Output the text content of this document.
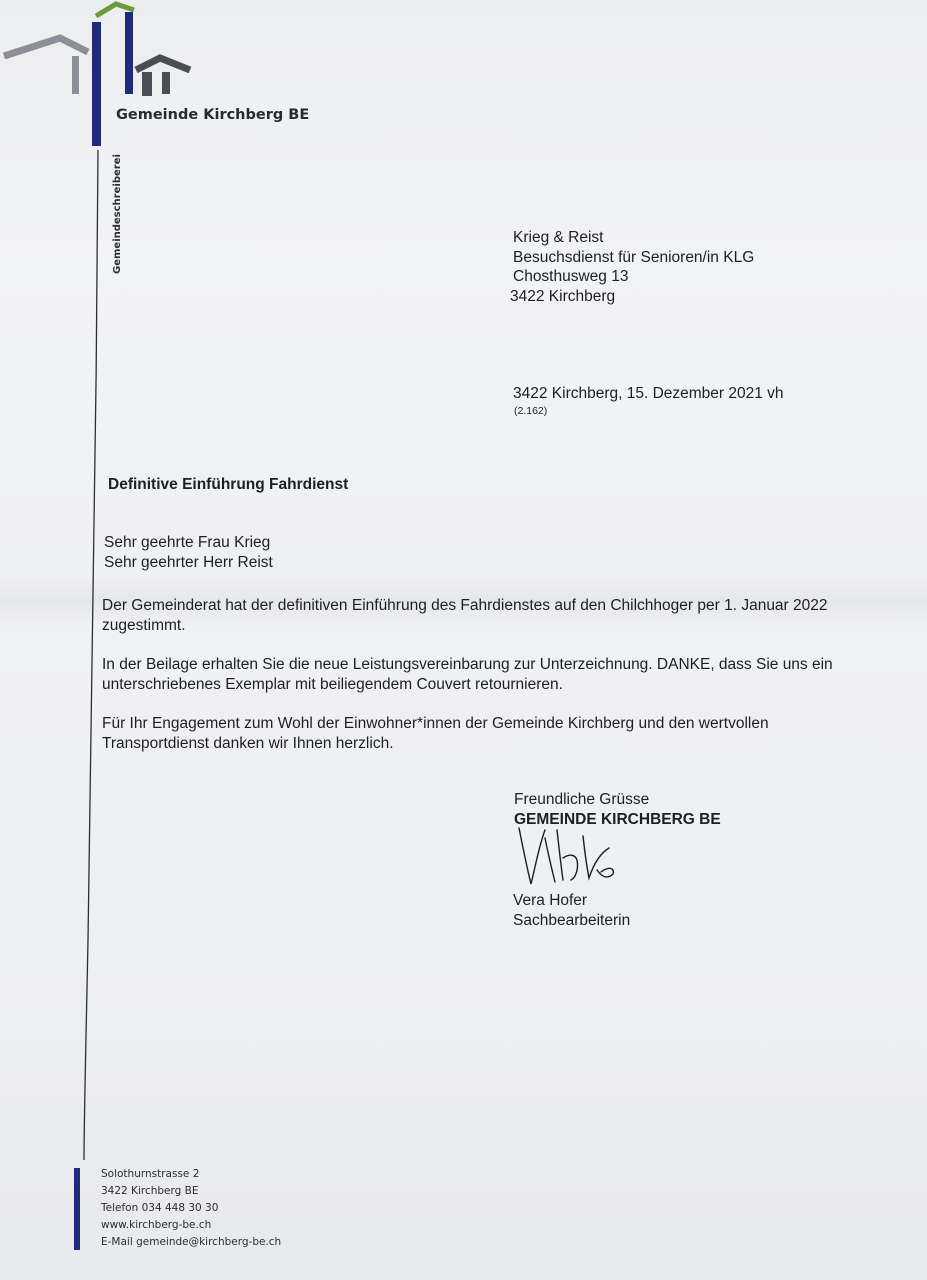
Gemeinde Kirchberg BE
Gemeindeschreiberei	Krieg & Reist
Besuchsdienst für Senioren/in KLG
Chosthusweg 13
3422 Kirchberg
3422 Kirchberg, 15. Dezember 2021 vh
(2.162)
Definitive Einführung Fahrdienst
Sehr geehrte Frau Krieg
Sehr geehrter Herr Reist
Der Gemeinderat hat der definitiven Einführung des Fahrdienstes auf den Chilchhoger per 1. Januar 2022 zugestimmt.
In der Beilage erhalten Sie die neue Leistungsvereinbarung zur Unterzeichnung. DANKE, dass Sie uns ein unterschriebenes Exemplar mit beiliegendem Couvert retournieren.
Für Ihr Engagement zum Wohl der Einwohner*innen der Gemeinde Kirchberg und den wertvollen Transportdienst danken wir Ihnen herzlich.
Freundliche Grüsse
GEMEINDE KIRCHBERG BE
Vera Hofer
Sachbearbeiterin
Solothurnstrasse 2
3422 Kirchberg BE
Telefon 034 448 30 30
www.kirchberg-be.ch
E-Mail gemeinde@kirchberg-be.ch
